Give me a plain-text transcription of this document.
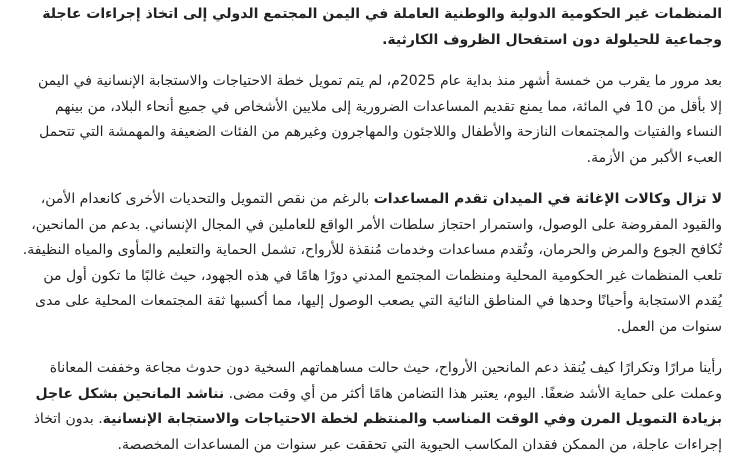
المنظمات غير الحكومية الدولية والوطنية العاملة في اليمن المجتمع الدولي إلى اتخاذ إجراءات عاجلة وجماعية للحيلولة دون استفحال الظروف الكارثية.

بعد مرور ما يقرب من خمسة أشهر منذ بداية عام 2025م، لم يتم تمويل خطة الاحتياجات والاستجابة الإنسانية في اليمن إلا بأقل من 10 في المائة، مما يمنع تقديم المساعدات الضرورية إلى ملايين الأشخاص في جميع أنحاء البلاد، من بينهم النساء والفتيات والمجتمعات النازحة والأطفال واللاجئون والمهاجرون وغيرهم من الفئات الضعيفة والمهمشة التي تتحمل العبء الأكبر من الأزمة.

لا تزال وكالات الإغاثة في الميدان تقدم المساعدات بالرغم من نقص التمويل والتحديات الأخرى كانعدام الأمن، والقيود المفروضة على الوصول، واستمرار احتجاز سلطات الأمر الواقع للعاملين في المجال الإنساني. بدعم من المانحين، تُكافح الجوع والمرض والحرمان، وتُقدم مساعدات وخدمات مُنقذة للأرواح، تشمل الحماية والتعليم والمأوى والمياه النظيفة. تلعب المنظمات غير الحكومية المحلية ومنظمات المجتمع المدني دورًا هامًا في هذه الجهود، حيث غالبًا ما تكون أول من يُقدم الاستجابة وأحيانًا وحدها في المناطق النائية التي يصعب الوصول إليها، مما أكسبها ثقة المجتمعات المحلية على مدى سنوات من العمل.

رأينا مرارًا وتكرارًا كيف يُنقذ دعم المانحين الأرواح، حيث حالت مساهماتهم السخية دون حدوث مجاعة وخففت المعاناة وعملت على حماية الأشد ضعفًا. اليوم، يعتبر هذا التضامن هامًا أكثر من أي وقت مضى. نناشد المانحين بشكل عاجل بزيادة التمويل المرن وفي الوقت المناسب والمنتظم لخطة الاحتياجات والاستجابة الإنسانية. بدون اتخاذ إجراءات عاجلة، من الممكن فقدان المكاسب الحيوية التي تحققت عبر سنوات من المساعدات المخصصة.
